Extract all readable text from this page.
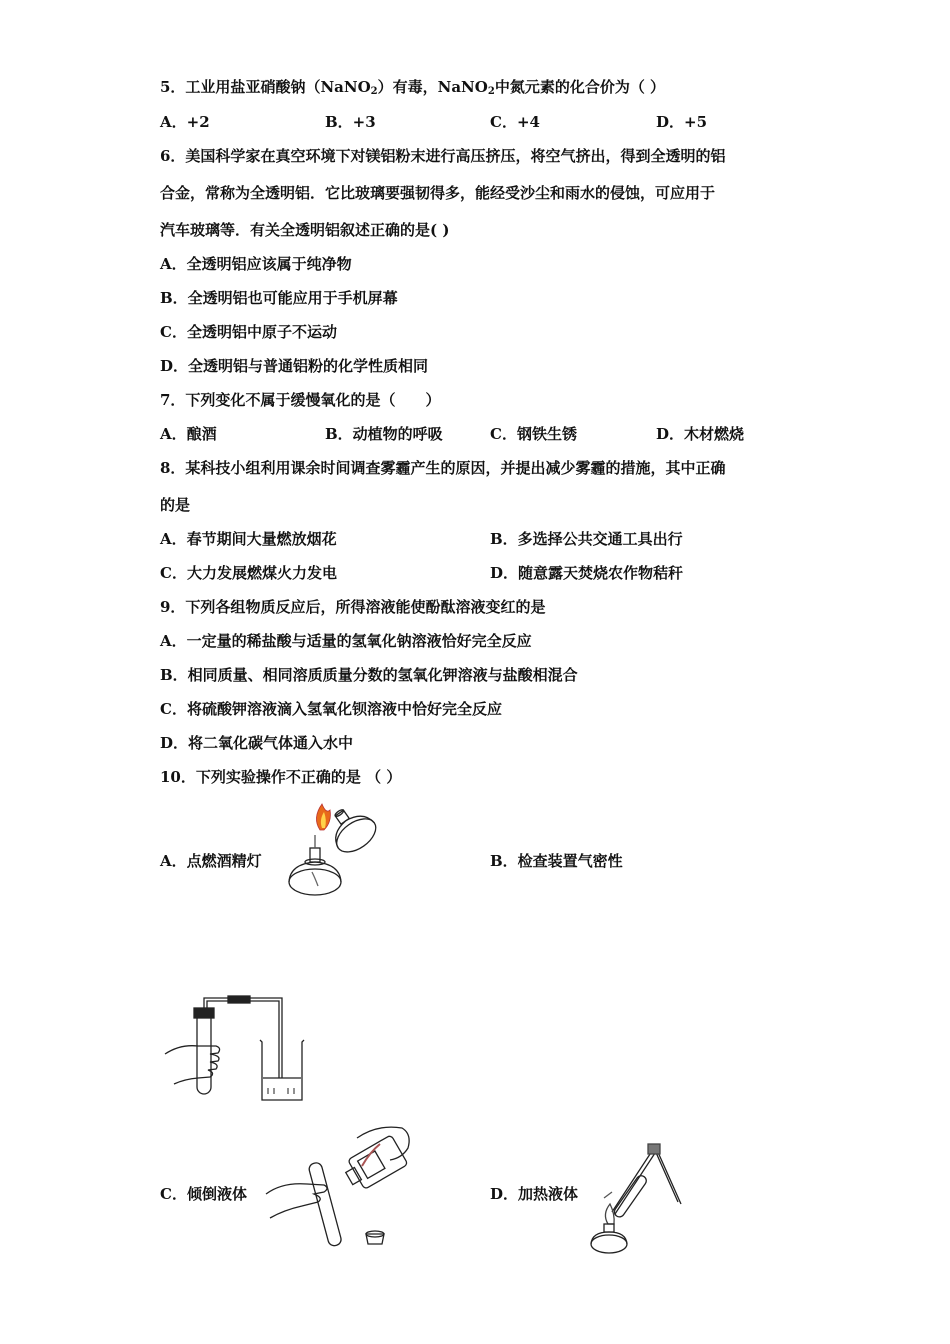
5．工业用盐亚硝酸钠（NaNO$_2$）有毒，NaNO$_2$中氮元素的化合价为（ ）
A．+2	B．+3	C．+4	D．+5
6．美国科学家在真空环境下对镁铝粉末进行高压挤压，将空气挤出，得到全透明的铝
合金，常称为全透明铝．它比玻璃要强韧得多，能经受沙尘和雨水的侵蚀，可应用于
汽车玻璃等．有关全透明铝叙述正确的是( )
A．全透明铝应该属于纯净物
B．全透明铝也可能应用于手机屏幕
C．全透明铝中原子不运动
D．全透明铝与普通铝粉的化学性质相同
7．下列变化不属于缓慢氧化的是（　　）
A．酿酒	B．动植物的呼吸	C．钢铁生锈	D．木材燃烧
8．某科技小组利用课余时间调查雾霾产生的原因，并提出减少雾霾的措施，其中正确
的是
A．春节期间大量燃放烟花	B．多选择公共交通工具出行
C．大力发展燃煤火力发电	D．随意露天焚烧农作物秸秆
9．下列各组物质反应后，所得溶液能使酚酞溶液变红的是
A．一定量的稀盐酸与适量的氢氧化钠溶液恰好完全反应
B．相同质量、相同溶质质量分数的氢氧化钾溶液与盐酸相混合
C．将硫酸钾溶液滴入氢氧化钡溶液中恰好完全反应
D．将二氧化碳气体通入水中
10．下列实验操作不正确的是 （ ）
A．点燃酒精灯	B．检查装置气密性
C．倾倒液体	D．加热液体
